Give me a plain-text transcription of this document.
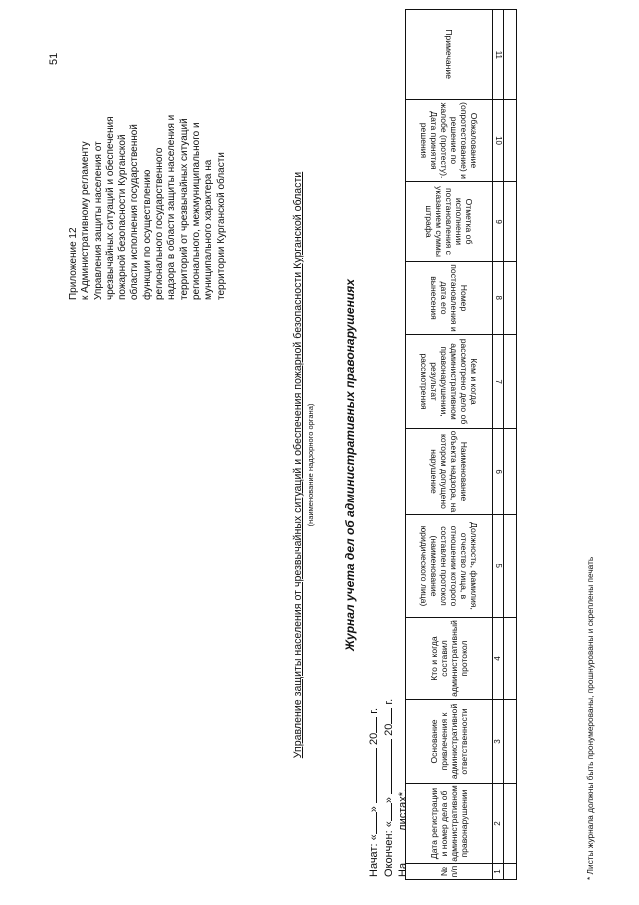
51
Приложение 12 к Административному регламенту Управления защиты населения от чрезвычайных ситуаций и обеспечения пожарной безопасности Курганской области исполнения государственной функции по осуществлению регионального государственного надзора в области защиты населения и территорий от чрезвычайных ситуаций регионального, межмуниципального и муниципального характера на территории Курганской области	Управление защиты населения от чрезвычайных ситуаций и обеспечения пожарной безопасности Курганской области (наименование надзорного органа) Журнал учета дел об административных правонарушениях
Начат: «»  20 г.
Окончен: «»  20 г.
На  листах*.
№ п/п	Дата регистрации и номер дела об административном правонарушении	Основание привлечения к административной ответственности	Кто и когда составил административный протокол	Должность, фамилия, отчество лица, в отношении которого составлен протокол (наименование юридического лица)	Наименование объекта надзора, на котором допущено нарушение	Кем и когда рассмотрено дело об административном правонарушении, результат рассмотрения	Номер постановления и дата его вынесения	Отметка об исполнении постановления с указанием суммы штрафа	Обжалование (опротестование) и решение по жалобе (протесту). Дата принятия решения	Примечание
1	2	3	4	5	6	7	8	9	10	11

* Листы журнала должны быть пронумерованы, прошнурованы и скреплены печать
